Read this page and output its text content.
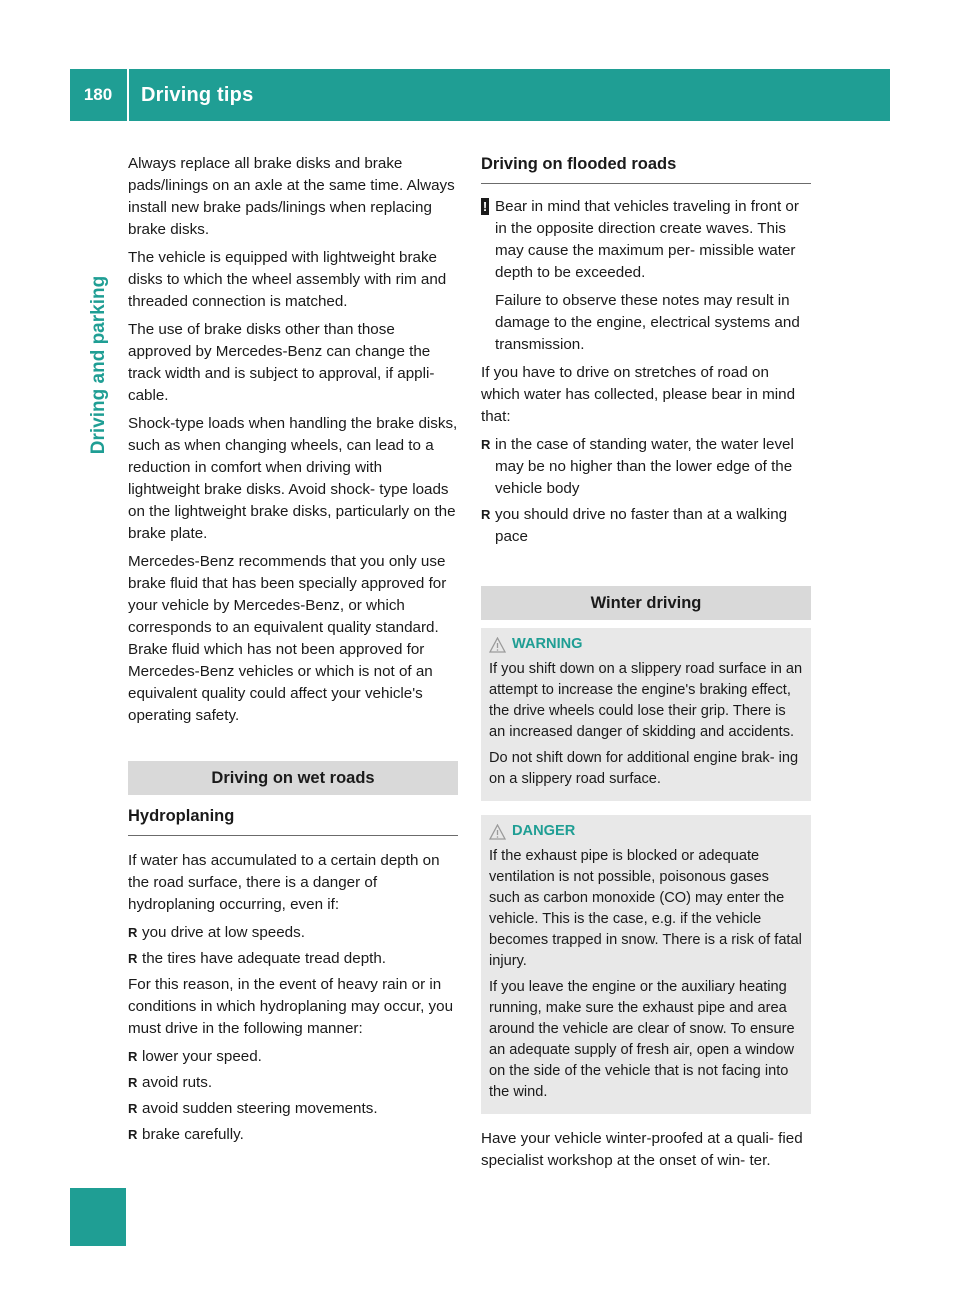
180	Driving tips
Driving and parking

Always replace all brake disks and brake pads/linings on an axle at the same time. Always install new brake pads/linings when replacing brake disks.

The vehicle is equipped with lightweight brake disks to which the wheel assembly with rim and threaded connection is matched.

The use of brake disks other than those approved by Mercedes-Benz can change the track width and is subject to approval, if appli- cable.

Shock-type loads when handling the brake disks, such as when changing wheels, can lead to a reduction in comfort when driving with lightweight brake disks. Avoid shock- type loads on the lightweight brake disks, particularly on the brake plate.

Mercedes-Benz recommends that you only use brake fluid that has been specially approved for your vehicle by Mercedes-Benz, or which corresponds to an equivalent quality standard. Brake fluid which has not been approved for Mercedes-Benz vehicles or which is not of an equivalent quality could affect your vehicle's operating safety.

Driving on wet roads
Hydroplaning

If water has accumulated to a certain depth on the road surface, there is a danger of hydroplaning occurring, even if:

R you drive at low speeds.
R the tires have adequate tread depth.

For this reason, in the event of heavy rain or in conditions in which hydroplaning may occur, you must drive in the following manner:

R lower your speed.
R avoid ruts.
R avoid sudden steering movements.
R brake carefully.
Driving on flooded roads
! Bear in mind that vehicles traveling in front or in the opposite direction create waves. This may cause the maximum per- missible water depth to be exceeded.

Failure to observe these notes may result in damage to the engine, electrical systems and transmission.

If you have to drive on stretches of road on which water has collected, please bear in mind that:

R in the case of standing water, the water level may be no higher than the lower edge of the vehicle body
R you should drive no faster than at a walking pace
Winter driving
WARNING

If you shift down on a slippery road surface in an attempt to increase the engine's braking effect, the drive wheels could lose their grip. There is an increased danger of skidding and accidents.

Do not shift down for additional engine brak- ing on a slippery road surface.

DANGER

If the exhaust pipe is blocked or adequate ventilation is not possible, poisonous gases such as carbon monoxide (CO) may enter the vehicle. This is the case, e.g. if the vehicle becomes trapped in snow. There is a risk of fatal injury.

If you leave the engine or the auxiliary heating running, make sure the exhaust pipe and area around the vehicle are clear of snow. To ensure an adequate supply of fresh air, open a window on the side of the vehicle that is not facing into the wind.

Have your vehicle winter-proofed at a quali- fied specialist workshop at the onset of win- ter.
